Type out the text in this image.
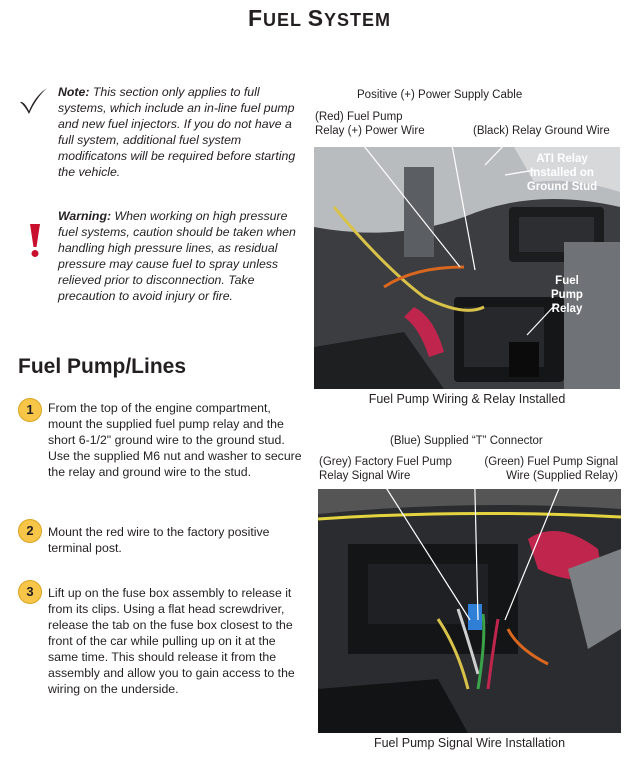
FUEL SYSTEM
Note: This section only applies to full systems, which include an in-line fuel pump and new fuel injectors. If you do not have a full system, additional fuel system modificatons will be required before starting the vehicle.
Warning: When working on high pressure fuel systems, caution should be taken when handling high pressure lines, as residual pressure may cause fuel to spray unless relieved prior to disconnection. Take precaution to avoid injury or fire.
Fuel Pump/Lines
1	From the top of the engine compartment, mount the supplied fuel pump relay and the short 6-1/2" ground wire to the ground stud. Use the supplied M6 nut and washer to secure the relay and ground wire to the stud.
2	Mount the red wire to the factory positive terminal post.
3	Lift up on the fuse box assembly to release it from its clips. Using a flat head screwdriver, release the tab on the fuse box closest to the front of the car while pulling up on it at the same time. This should release it from the assembly and allow you to gain access to the wiring on the underside.
Positive (+) Power Supply Cable
(Red) Fuel Pump
Relay (+) Power Wire	(Black) Relay Ground Wire
ATI Relay
Installed on
Ground Stud
Fuel
Pump
Relay
Fuel Pump Wiring & Relay Installed
(Blue) Supplied “T” Connector
(Grey) Factory Fuel Pump
Relay Signal Wire
(Green) Fuel Pump Signal
Wire (Supplied Relay)
Fuel Pump Signal Wire Installation
